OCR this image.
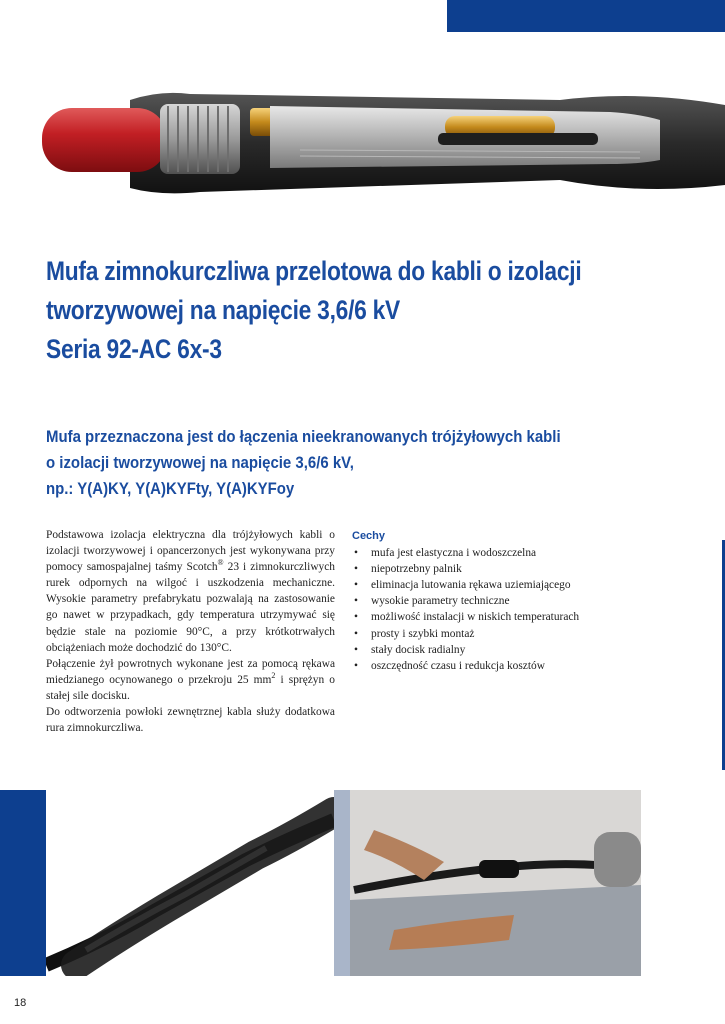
Mufa zimnokurczliwa przelotowa do kabli o izolacji
tworzywowej na napięcie 3,6/6 kV
Seria 92-AC 6x-3
Mufa przeznaczona jest do łączenia nieekranowanych trójżyłowych kabli
o izolacji tworzywowej na napięcie 3,6/6 kV,
np.: Y(A)KY, Y(A)KYFty, Y(A)KYFoy

Podstawowa izolacja elektryczna dla trójżyłowych kabli o izolacji tworzywowej i opancerzonych jest wykonywana przy pomocy samospajalnej taśmy Scotch® 23 i zimnokurczliwych rurek odpornych na wilgoć i uszkodzenia mechaniczne. Wysokie parametry prefabrykatu pozwalają na zastosowanie go nawet w przypadkach, gdy temperatura utrzymywać się będzie stale na poziomie 90°C, a przy krótkotrwałych obciążeniach może dochodzić do 130°C.

Połączenie żył powrotnych wykonane jest za pomocą rękawa miedzianego ocynowanego o przekroju 25 $mm^2$ i sprężyn o stałej sile docisku.

Do odtworzenia powłoki zewnętrznej kabla służy dodatkowa rura zimnokurczliwa.

Cechy
• mufa jest elastyczna i wodoszczelna
• niepotrzebny palnik
• eliminacja lutowania rękawa uziemiającego
• wysokie parametry techniczne
• możliwość instalacji w niskich temperaturach
• prosty i szybki montaż
• stały docisk radialny
• oszczędność czasu i redukcja kosztów
18
